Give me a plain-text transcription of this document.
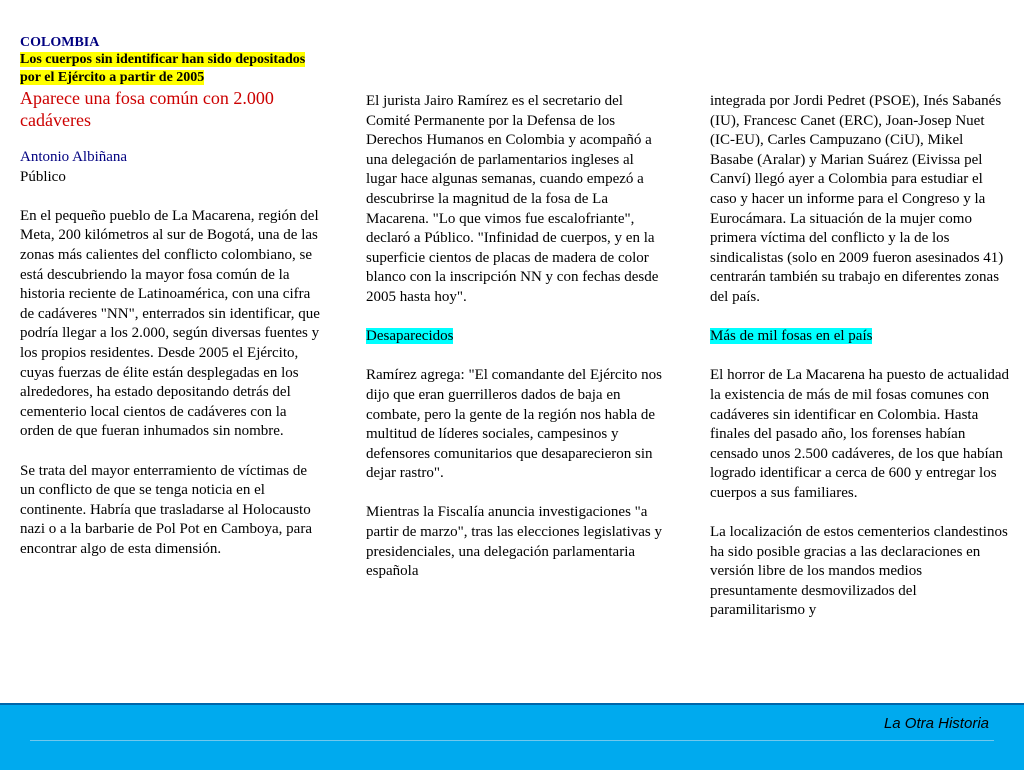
COLOMBIA
Los cuerpos sin identificar han sido depositados por el Ejército a partir de 2005
Aparece una fosa común con 2.000 cadáveres
Antonio Albiñana

Público

En el pequeño pueblo de La Macarena, región del Meta, 200 kilómetros al sur de Bogotá, una de las zonas más calientes del conflicto colombiano, se está descubriendo la mayor fosa común de la historia reciente de Latinoamérica, con una cifra de cadáveres "NN", enterrados sin identificar, que podría llegar a los 2.000, según diversas fuentes y los propios residentes. Desde 2005 el Ejército, cuyas fuerzas de élite están desplegadas en los alrededores, ha estado depositando detrás del cementerio local cientos de cadáveres con la orden de que fueran inhumados sin nombre.

Se trata del mayor enterramiento de víctimas de un conflicto de que se tenga noticia en el continente. Habría que trasladarse al Holocausto nazi o a la barbarie de Pol Pot en Camboya, para encontrar algo de esta dimensión.

El jurista Jairo Ramírez es el secretario del Comité Permanente por la Defensa de los Derechos Humanos en Colombia y acompañó a una delegación de parlamentarios ingleses al lugar hace algunas semanas, cuando empezó a descubrirse la magnitud de la fosa de La Macarena. "Lo que vimos fue escalofriante", declaró a Público. "Infinidad de cuerpos, y en la superficie cientos de placas de madera de color blanco con la inscripción NN y con fechas desde 2005 hasta hoy".

Desaparecidos

Ramírez agrega: "El comandante del Ejército nos dijo que eran guerrilleros dados de baja en combate, pero la gente de la región nos habla de multitud de líderes sociales, campesinos y defensores comunitarios que desaparecieron sin dejar rastro".

Mientras la Fiscalía anuncia investigaciones "a partir de marzo", tras las elecciones legislativas y presidenciales, una delegación parlamentaria española

integrada por Jordi Pedret (PSOE), Inés Sabanés (IU), Francesc Canet (ERC), Joan-Josep Nuet (IC-EU), Carles Campuzano (CiU), Mikel Basabe (Aralar) y Marian Suárez (Eivissa pel Canví) llegó ayer a Colombia para estudiar el caso y hacer un informe para el Congreso y la Eurocámara. La situación de la mujer como primera víctima del conflicto y la de los sindicalistas (solo en 2009 fueron asesinados 41) centrarán también su trabajo en diferentes zonas del país.

Más de mil fosas en el país

El horror de La Macarena ha puesto de actualidad la existencia de más de mil fosas comunes con cadáveres sin identificar en Colombia. Hasta finales del pasado año, los forenses habían censado unos 2.500 cadáveres, de los que habían logrado identificar a cerca de 600 y entregar los cuerpos a sus familiares.

La localización de estos cementerios clandestinos ha sido posible gracias a las declaraciones en versión libre de los mandos medios presuntamente desmovilizados del paramilitarismo y

La Otra Historia
